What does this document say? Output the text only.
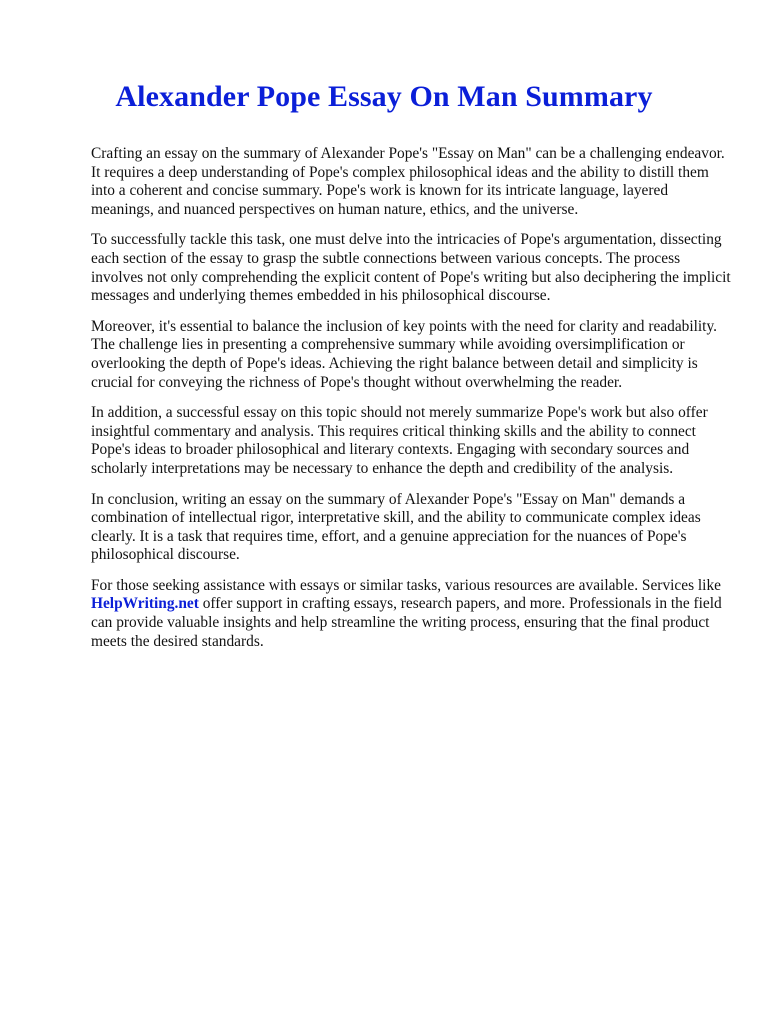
Alexander Pope Essay On Man Summary

Crafting an essay on the summary of Alexander Pope's "Essay on Man" can be a challenging endeavor. It requires a deep understanding of Pope's complex philosophical ideas and the ability to distill them into a coherent and concise summary. Pope's work is known for its intricate language, layered meanings, and nuanced perspectives on human nature, ethics, and the universe.

To successfully tackle this task, one must delve into the intricacies of Pope's argumentation, dissecting each section of the essay to grasp the subtle connections between various concepts. The process involves not only comprehending the explicit content of Pope's writing but also deciphering the implicit messages and underlying themes embedded in his philosophical discourse.

Moreover, it's essential to balance the inclusion of key points with the need for clarity and readability. The challenge lies in presenting a comprehensive summary while avoiding oversimplification or overlooking the depth of Pope's ideas. Achieving the right balance between detail and simplicity is crucial for conveying the richness of Pope's thought without overwhelming the reader.

In addition, a successful essay on this topic should not merely summarize Pope's work but also offer insightful commentary and analysis. This requires critical thinking skills and the ability to connect Pope's ideas to broader philosophical and literary contexts. Engaging with secondary sources and scholarly interpretations may be necessary to enhance the depth and credibility of the analysis.

In conclusion, writing an essay on the summary of Alexander Pope's "Essay on Man" demands a combination of intellectual rigor, interpretative skill, and the ability to communicate complex ideas clearly. It is a task that requires time, effort, and a genuine appreciation for the nuances of Pope's philosophical discourse.

For those seeking assistance with essays or similar tasks, various resources are available. Services like HelpWriting.net offer support in crafting essays, research papers, and more. Professionals in the field can provide valuable insights and help streamline the writing process, ensuring that the final product meets the desired standards.
